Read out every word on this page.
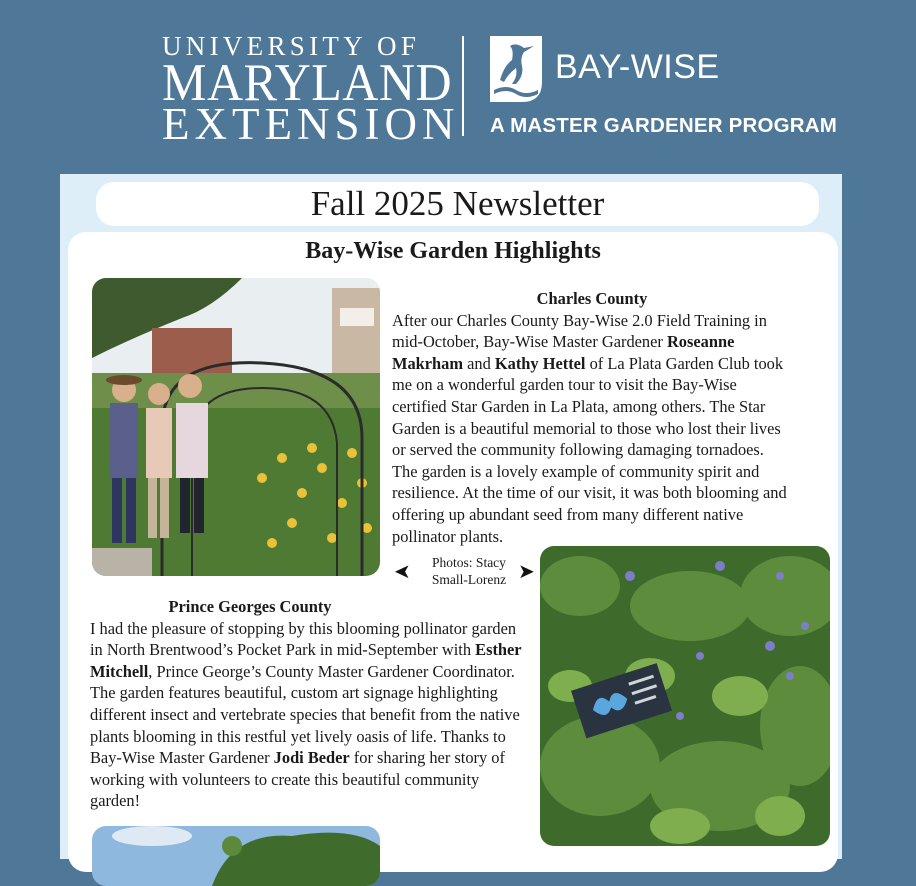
UNIVERSITY OF
MARYLAND
EXTENSION
BAY-WISE
A MASTER GARDENER PROGRAM
Fall 2025 Newsletter
Bay-Wise Garden Highlights
Charles County
After our Charles County Bay-Wise 2.0 Field Training in mid-October, Bay-Wise Master Gardener Roseanne Makrham and Kathy Hettel of La Plata Garden Club took me on a wonderful garden tour to visit the Bay-Wise certified Star Garden in La Plata, among others. The Star Garden is a beautiful memorial to those who lost their lives or served the community following damaging tornadoes. The garden is a lovely example of community spirit and resilience. At the time of our visit, it was both blooming and offering up abundant seed from many different native pollinator plants.
➤	Photos: Stacy Small-Lorenz ➤
Prince Georges County
I had the pleasure of stopping by this blooming pollinator garden in North Brentwood’s Pocket Park in mid-September with Esther Mitchell, Prince George’s County Master Gardener Coordinator. The garden features beautiful, custom art signage highlighting different insect and vertebrate species that benefit from the native plants blooming in this restful yet lively oasis of life. Thanks to Bay-Wise Master Gardener Jodi Beder for sharing her story of working with volunteers to create this beautiful community garden!
